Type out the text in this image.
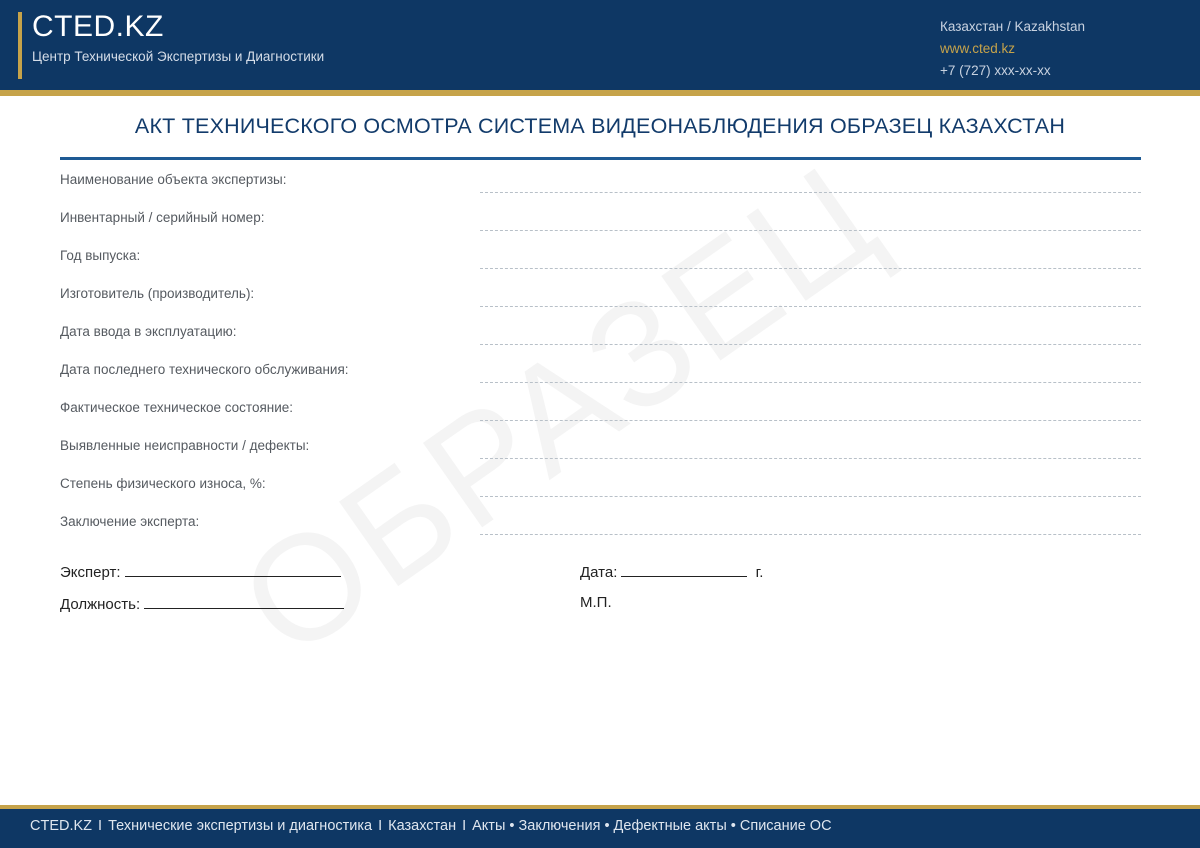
CTED.KZ
Центр Технической Экспертизы и Диагностики
Казахстан / Kazakhstan
www.cted.kz
+7 (727) xxx-xx-xx
АКТ ТЕХНИЧЕСКОГО ОСМОТРА СИСТЕМА ВИДЕОНАБЛЮДЕНИЯ ОБРАЗЕЦ КАЗАХСТАН
Наименование объекта экспертизы:
Инвентарный / серийный номер:
Год выпуска:
Изготовитель (производитель):
Дата ввода в эксплуатацию:
Дата последнего технического обслуживания:
Фактическое техническое состояние:
Выявленные неисправности / дефекты:
Степень физического износа, %:
Заключение эксперта:
Эксперт:
Должность:
Дата:	г.
М.П.
CTED.KZ I Технические экспертизы и диагностика I Казахстан I Акты • Заключения • Дефектные акты • Списание ОС
